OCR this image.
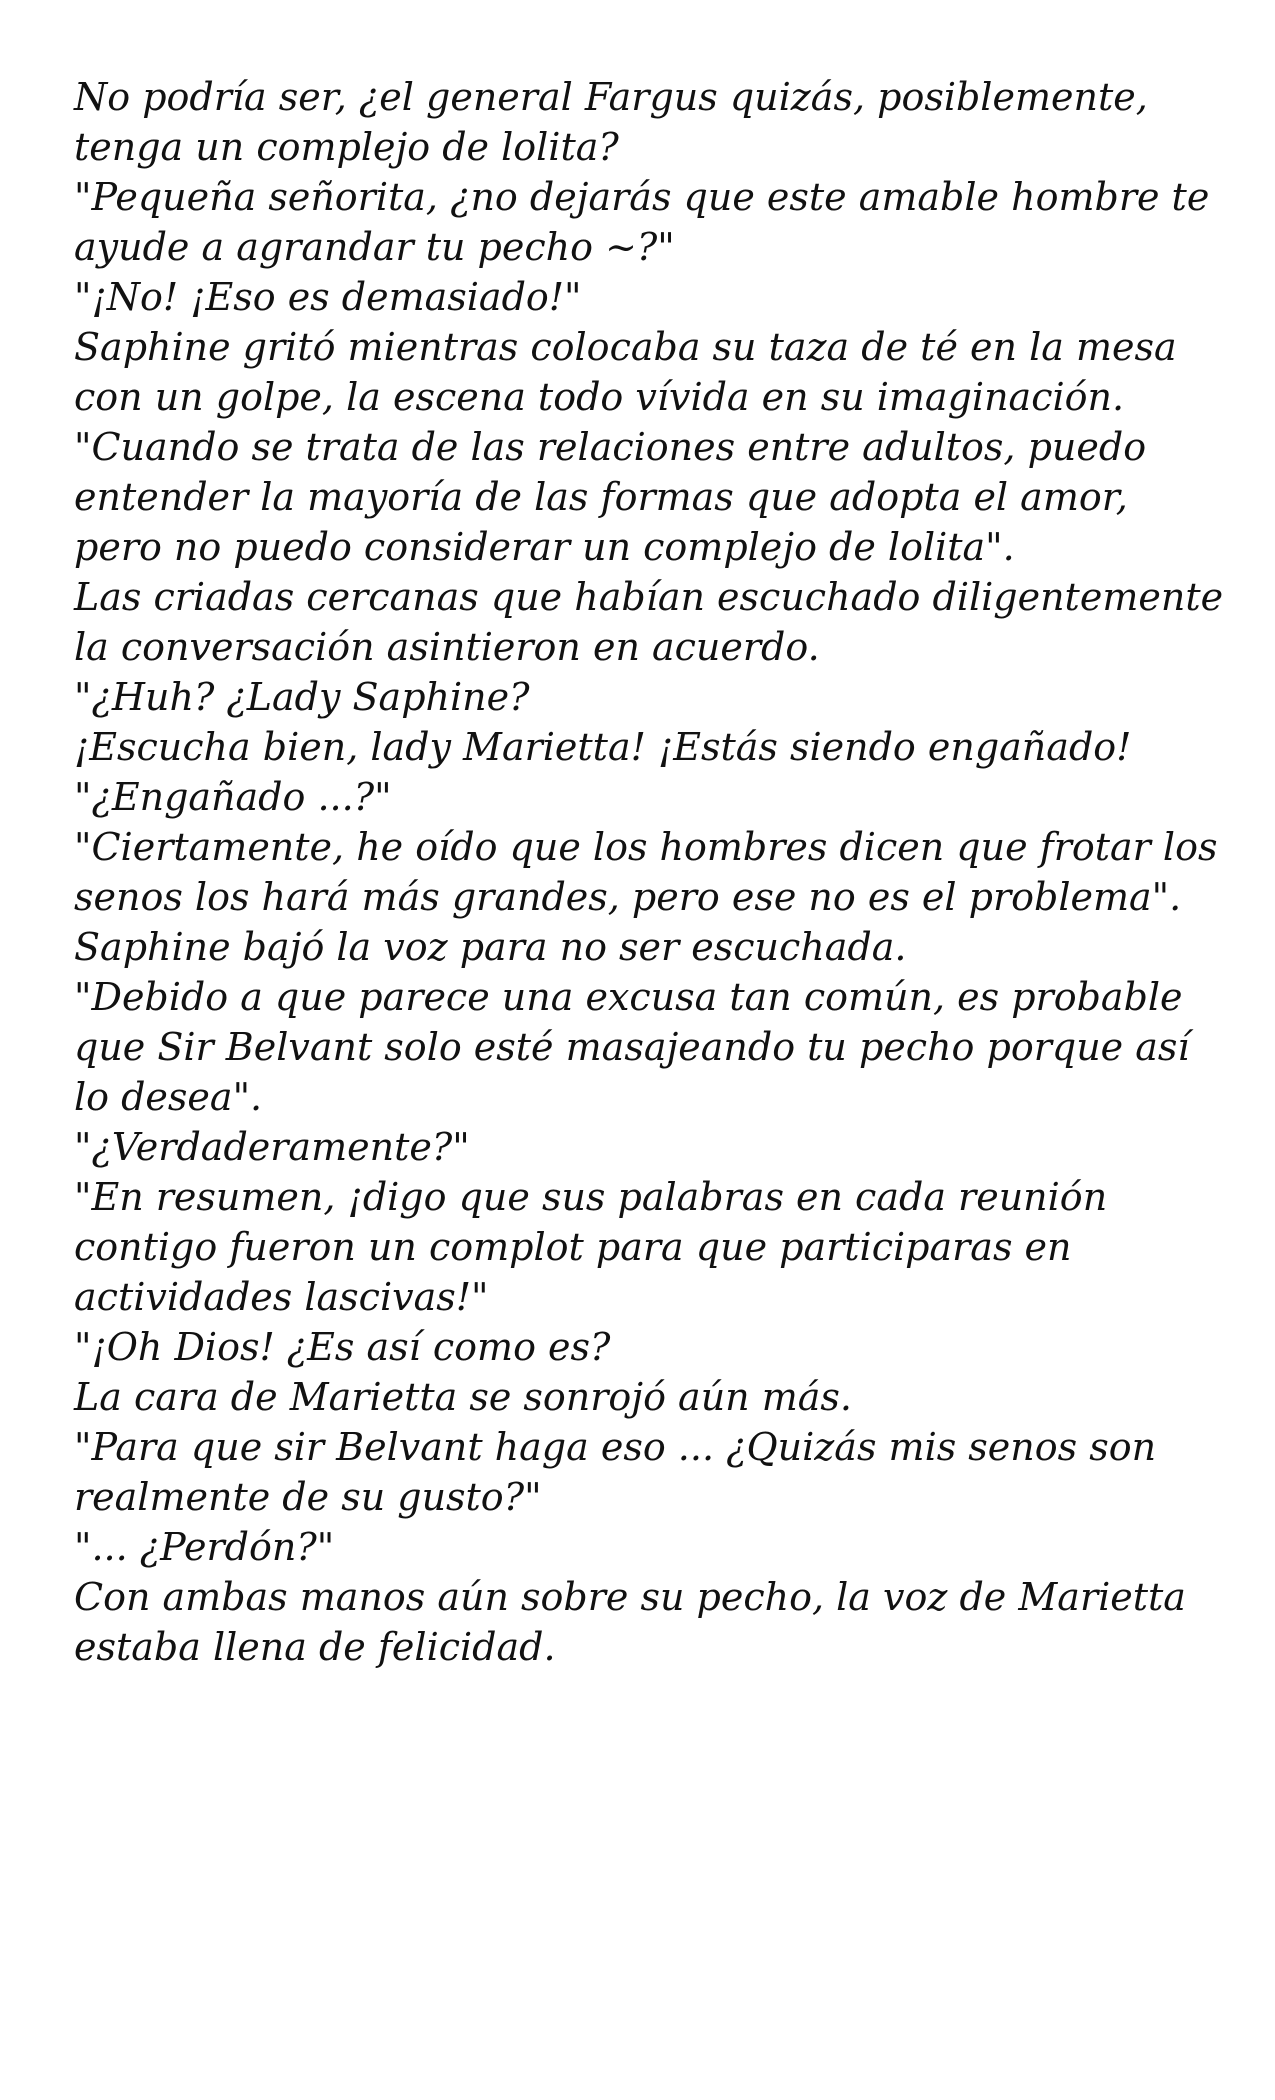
No podría ser, ¿el general Fargus quizás, posiblemente, tenga un complejo de lolita?

"Pequeña señorita, ¿no dejarás que este amable hombre te ayude a agrandar tu pecho ~?"

"¡No! ¡Eso es demasiado!"

Saphine gritó mientras colocaba su taza de té en la mesa con un golpe, la escena todo vívida en su imaginación.

"Cuando se trata de las relaciones entre adultos, puedo entender la mayoría de las formas que adopta el amor, pero no puedo considerar un complejo de lolita".

Las criadas cercanas que habían escuchado diligentemente la conversación asintieron en acuerdo.

"¿Huh? ¿Lady Saphine?

¡Escucha bien, lady Marietta! ¡Estás siendo engañado!

"¿Engañado ...?"

"Ciertamente, he oído que los hombres dicen que frotar los senos los hará más grandes, pero ese no es el problema".

Saphine bajó la voz para no ser escuchada.

"Debido a que parece una excusa tan común, es probable que Sir Belvant solo esté masajeando tu pecho porque así lo desea".

"¿Verdaderamente?"

"En resumen, ¡digo que sus palabras en cada reunión contigo fueron un complot para que participaras en actividades lascivas!"

"¡Oh Dios! ¿Es así como es?

La cara de Marietta se sonrojó aún más.

"Para que sir Belvant haga eso ... ¿Quizás mis senos son realmente de su gusto?"

"... ¿Perdón?"

Con ambas manos aún sobre su pecho, la voz de Marietta estaba llena de felicidad.
